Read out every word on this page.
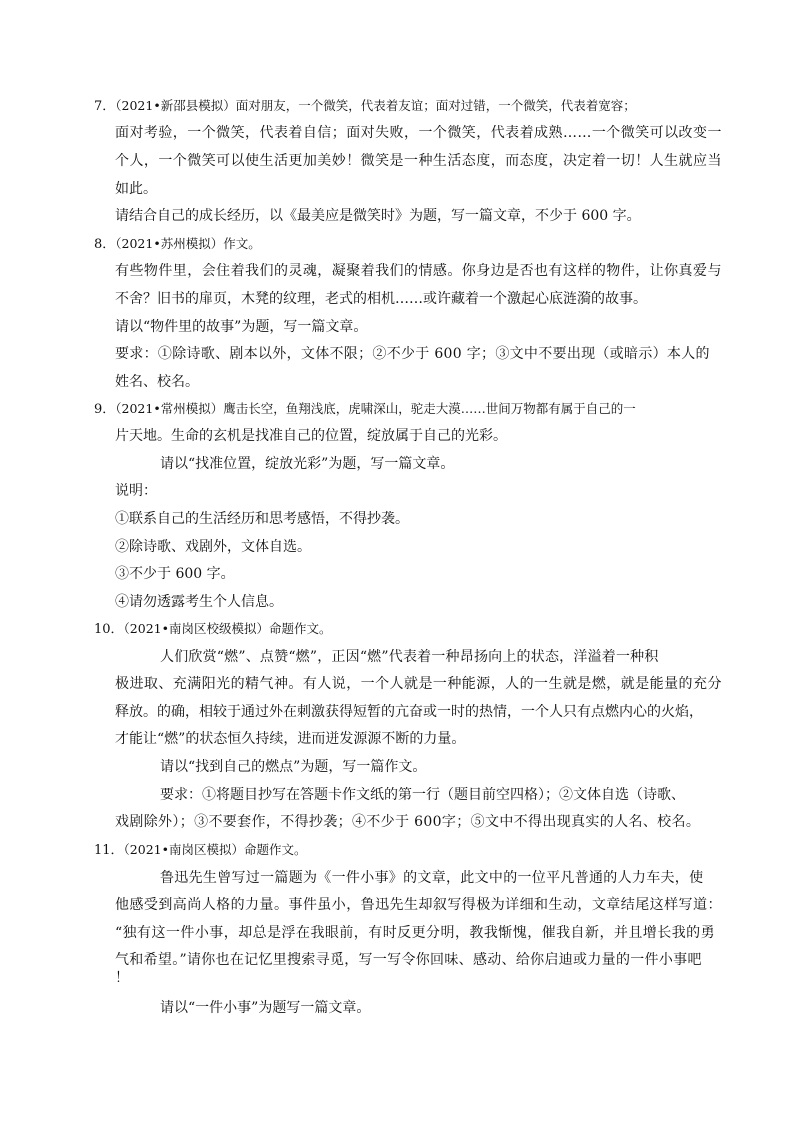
7．（2021•新邵县模拟）面对朋友，一个微笑，代表着友谊；面对过错，一个微笑，代表着宽容；

面对考验，一个微笑，代表着自信；面对失败，一个微笑，代表着成熟……一个微笑可以改变一

个人，一个微笑可以使生活更加美妙！微笑是一种生活态度，而态度，决定着一切！人生就应当

如此。

请结合自己的成长经历，以《最美应是微笑时》为题，写一篇文章，不少于 600 字。

8．（2021•苏州模拟）作文。

有些物件里，会住着我们的灵魂，凝聚着我们的情感。你身边是否也有这样的物件，让你真爱与

不舍？旧书的扉页，木凳的纹理，老式的相机……或许藏着一个激起心底涟漪的故事。

请以“物件里的故事”为题，写一篇文章。

要求：①除诗歌、剧本以外，文体不限；②不少于 600 字；③文中不要出现（或暗示）本人的

姓名、校名。

9．（2021•常州模拟）鹰击长空，鱼翔浅底，虎啸深山，驼走大漠……世间万物都有属于自己的一

片天地。生命的玄机是找准自己的位置，绽放属于自己的光彩。

请以“找准位置，绽放光彩”为题，写一篇文章。

说明：

①联系自己的生活经历和思考感悟，不得抄袭。

②除诗歌、戏剧外，文体自选。

③不少于 600 字。

④请勿透露考生个人信息。

10．（2021•南岗区校级模拟）命题作文。

人们欣赏“燃”、点赞“燃”，正因“燃”代表着一种昂扬向上的状态，洋溢着一种积

极进取、充满阳光的精气神。有人说，一个人就是一种能源，人的一生就是燃，就是能量的充分

释放。的确，相较于通过外在刺激获得短暂的亢奋或一时的热情，一个人只有点燃内心的火焰，

才能让“燃”的状态恒久持续，进而迸发源源不断的力量。

请以“找到自己的燃点”为题，写一篇作文。

要求：①将题目抄写在答题卡作文纸的第一行（题目前空四格）；②文体自选（诗歌、

戏剧除外）；③不要套作，不得抄袭；④不少于 600字；⑤文中不得出现真实的人名、校名。

11．（2021•南岗区模拟）命题作文。

鲁迅先生曾写过一篇题为《一件小事》的文章，此文中的一位平凡普通的人力车夫，使

他感受到高尚人格的力量。事件虽小，鲁迅先生却叙写得极为详细和生动，文章结尾这样写道：

“独有这一件小事，却总是浮在我眼前，有时反更分明，教我惭愧，催我自新，并且增长我的勇

气和希望。”请你也在记忆里搜索寻觅，写一写令你回味、感动、给你启迪或力量的一件小事吧

！

请以“一件小事”为题写一篇文章。
